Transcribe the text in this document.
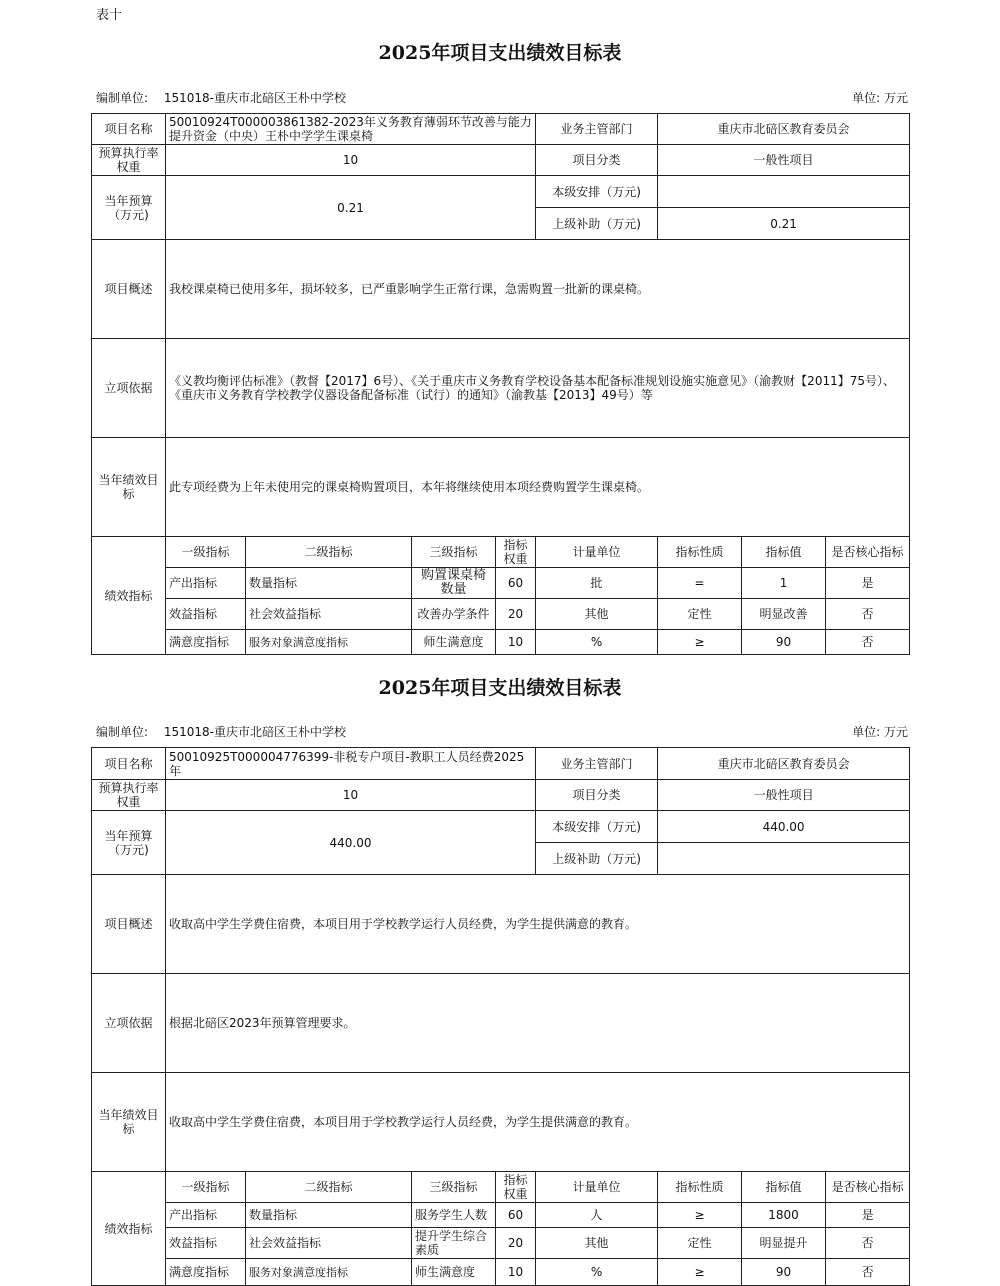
表十
2025年项目支出绩效目标表
编制单位: 151018-重庆市北碚区王朴中学校	单位: 万元
项目名称	50010924T000003861382-2023年义务教育薄弱环节改善与能力提升资金（中央）王朴中学学生课桌椅				业务主管部门	重庆市北碚区教育委员会		
预算执行率权重	10				项目分类	一般性项目		
当年预算（万元)	0.21				本级安排（万元)			
					上级补助（万元)	0.21		
项目概述	我校课桌椅已使用多年，损坏较多，已严重影响学生正常行课，急需购置一批新的课桌椅。							
立项依据	《义教均衡评估标准》（教督【2017】6号）、《关于重庆市义务教育学校设备基本配备标准规划设施实施意见》（渝教财【2011】75号）、《重庆市义务教育学校教学仪器设备配备标准（试行）的通知》（渝教基【2013】49号）等							
当年绩效目标	此专项经费为上年未使用完的课桌椅购置项目，本年将继续使用本项经费购置学生课桌椅。							
绩效指标	一级指标	二级指标	三级指标	指标权重	计量单位	指标性质	指标值	是否核心指标
	产出指标	数量指标	购置课桌椅数量	60	批	=	1	是
	效益指标	社会效益指标	改善办学条件	20	其他	定性	明显改善	否
	满意度指标	服务对象满意度指标	师生满意度	10	%	≥	90	否
2025年项目支出绩效目标表
编制单位: 151018-重庆市北碚区王朴中学校	单位: 万元
项目名称	50010925T000004776399-非税专户项目-教职工人员经费2025年				业务主管部门	重庆市北碚区教育委员会		
预算执行率权重	10				项目分类	一般性项目		
当年预算（万元)	440.00				本级安排（万元)	440.00		
					上级补助（万元)			
项目概述	收取高中学生学费住宿费，本项目用于学校教学运行人员经费，为学生提供满意的教育。							
立项依据	根据北碚区2023年预算管理要求。							
当年绩效目标	收取高中学生学费住宿费，本项目用于学校教学运行人员经费，为学生提供满意的教育。							
绩效指标	一级指标	二级指标	三级指标	指标权重	计量单位	指标性质	指标值	是否核心指标
	产出指标	数量指标	服务学生人数	60	人	≥	1800	是
	效益指标	社会效益指标	提升学生综合素质	20	其他	定性	明显提升	否
	满意度指标	服务对象满意度指标	师生满意度	10	%	≥	90	否
